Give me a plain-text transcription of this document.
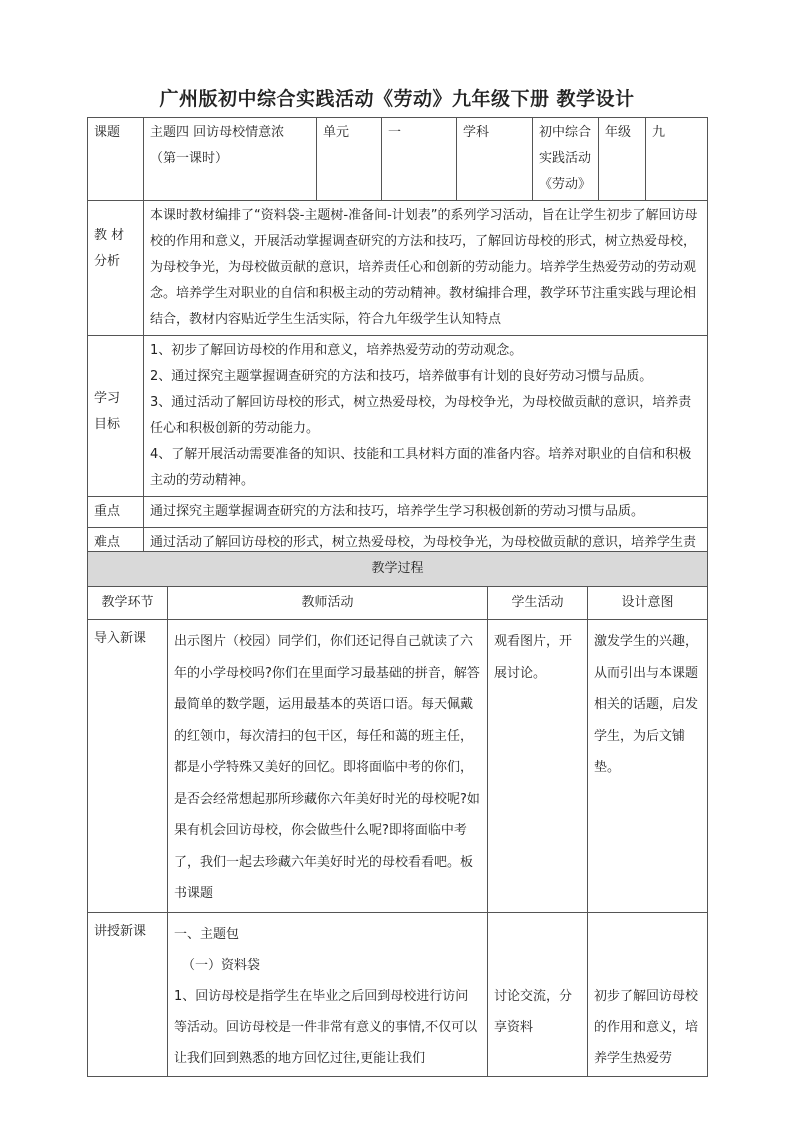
广州版初中综合实践活动《劳动》九年级下册 教学设计
课题	主题四 回访母校情意浓（第一课时）	单元	一	学科	初中综合实践活动《劳动》	年级	九
教 材 分析	本课时教材编排了“资料袋-主题树-准备间-计划表”的系列学习活动，旨在让学生初步了解回访母校的作用和意义，开展活动掌握调查研究的方法和技巧，了解回访母校的形式，树立热爱母校，为母校争光，为母校做贡献的意识，培养责任心和创新的劳动能力。培养学生热爱劳动的劳动观念。培养学生对职业的自信和积极主动的劳动精神。教材编排合理，教学环节注重实践与理论相结合，教材内容贴近学生生活实际，符合九年级学生认知特点						
学习 目标	1、初步了解回访母校的作用和意义，培养热爱劳动的劳动观念。
2、通过探究主题掌握调查研究的方法和技巧，培养做事有计划的良好劳动习惯与品质。
3、通过活动了解回访母校的形式，树立热爱母校，为母校争光，为母校做贡献的意识，培养责任心和积极创新的劳动能力。
4、了解开展活动需要准备的知识、技能和工具材料方面的准备内容。培养对职业的自信和积极主动的劳动精神。						

重点	通过探究主题掌握调查研究的方法和技巧，培养学生学习积极创新的劳动习惯与品质。						
难点	通过活动了解回访母校的形式，树立热爱母校，为母校争光，为母校做贡献的意识，培养学生责						
教学过程			
教学环节	教师活动	学生活动	设计意图
导入新课	出示图片（校园）同学们，你们还记得自己就读了六年的小学母校吗?你们在里面学习最基础的拼音，解答最简单的数学题，运用最基本的英语口语。每天佩戴的红领巾，每次清扫的包干区，每任和蔼的班主任，都是小学特殊又美好的回忆。即将面临中考的你们，是否会经常想起那所珍藏你六年美好时光的母校呢?如果有机会回访母校，你会做些什么呢?即将面临中考了，我们一起去珍藏六年美好时光的母校看看吧。板书课题	观看图片，开展讨论。	激发学生的兴趣，从而引出与本课题相关的话题，启发学生，为后文铺垫。
讲授新课	一、主题包
（一）资料袋
1、回访母校是指学生在毕业之后回到母校进行访问等活动。回访母校是一件非常有意义的事情,不仅可以让我们回到熟悉的地方回忆过往,更能让我们	讨论交流，分享资料	初步了解回访母校的作用和意义，培养学生热爱劳
